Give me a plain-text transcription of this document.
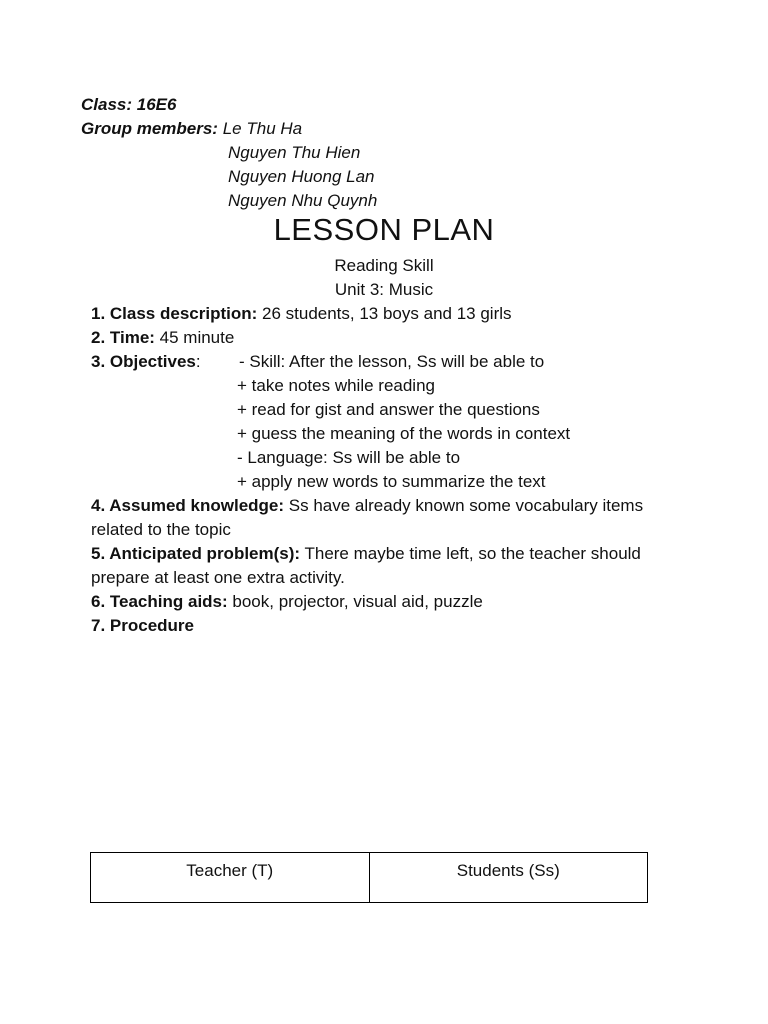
Class: 16E6
Group members: Le Thu Ha
Nguyen Thu Hien
Nguyen Huong Lan
Nguyen Nhu Quynh
LESSON PLAN
Reading Skill
Unit 3: Music
1. Class description: 26 students, 13 boys and 13 girls
2. Time: 45 minute
3. Objectives:	- Skill: After the lesson, Ss will be able to
+ take notes while reading
+ read for gist and answer the questions
+ guess the meaning of the words in context
- Language: Ss will be able to
+ apply new words to summarize the text
4. Assumed knowledge: Ss have already known some vocabulary items
related to the topic
5. Anticipated problem(s): There maybe time left, so the teacher should
prepare at least one extra activity.
6. Teaching aids: book, projector, visual aid, puzzle
7. Procedure
Teacher (T)	Students (Ss)
